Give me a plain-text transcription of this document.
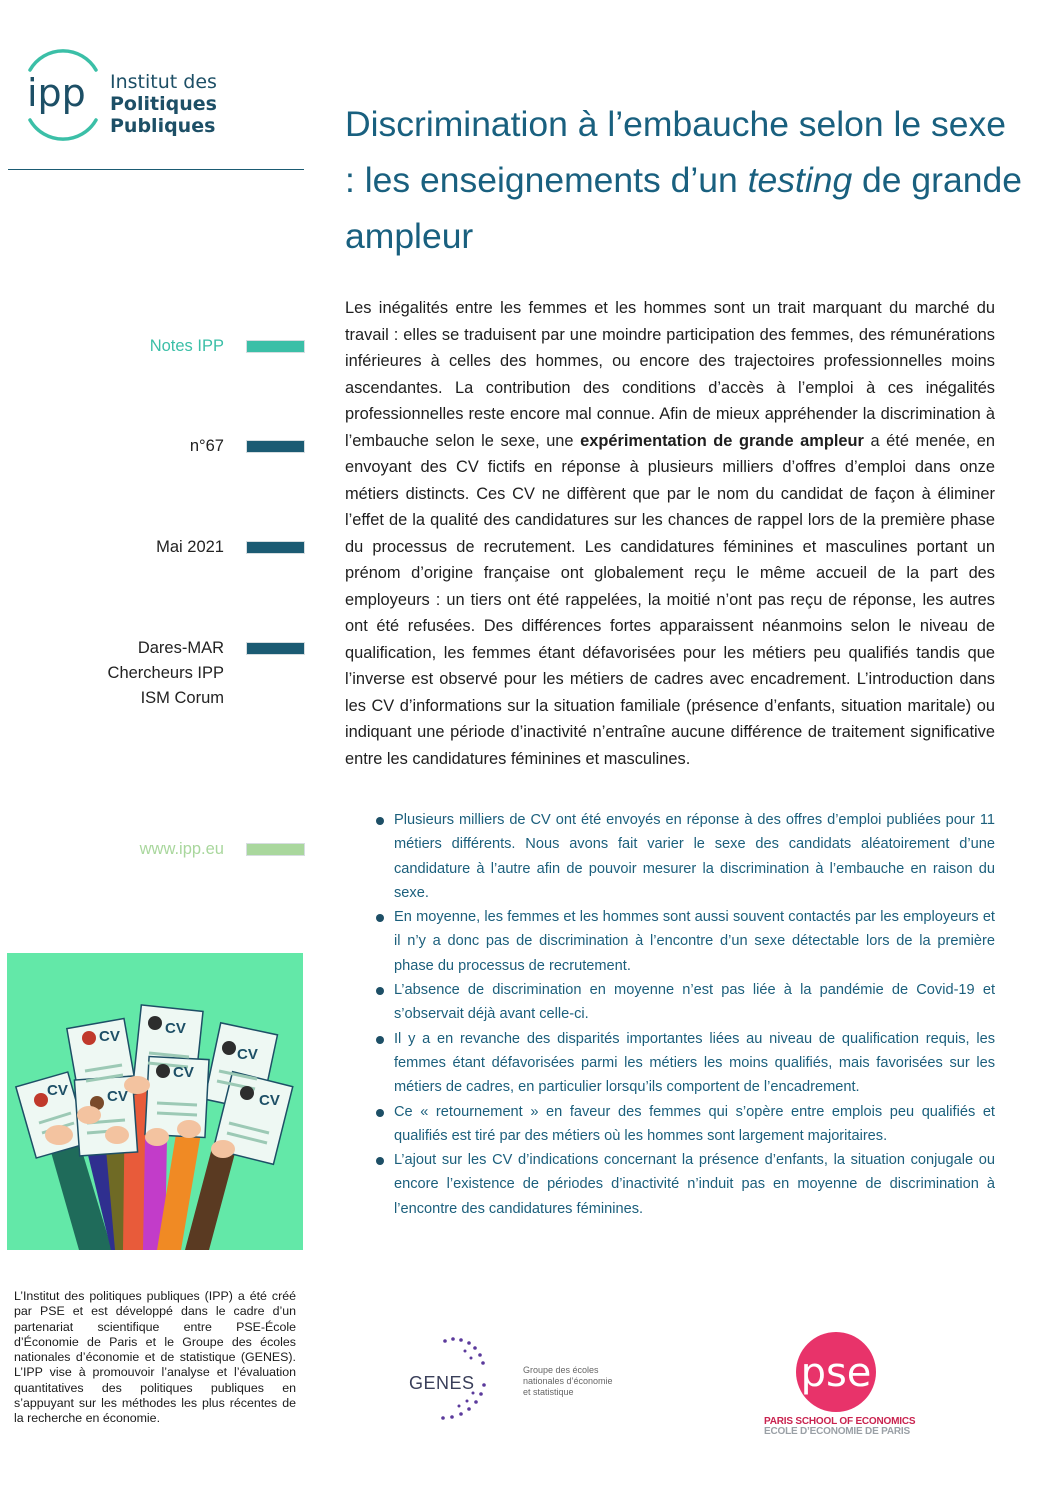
ipp Institut des
Politiques Publiques	Discrimination à l’embauche selon le sexe : les enseignements d’un testing de grande ampleur
Notes IPP
n°67
Mai 2021
Dares-MAR
Chercheurs IPP
ISM Corum
www.ipp.eu

Les inégalités entre les femmes et les hommes sont un trait marquant du marché du travail : elles se traduisent par une moindre participation des femmes, des rémunérations inférieures à celles des hommes, ou encore des trajectoires professionnelles moins ascendantes. La contribution des conditions d’accès à l’emploi à ces inégalités professionnelles reste encore mal connue. Afin de mieux appréhender la discrimination à l’embauche selon le sexe, une expérimentation de grande ampleur a été menée, en envoyant des CV fictifs en réponse à plusieurs milliers d’offres d’emploi dans onze métiers distincts. Ces CV ne diffèrent que par le nom du candidat de façon à éliminer l’effet de la qualité des candidatures sur les chances de rappel lors de la première phase du processus de recrutement. Les candidatures féminines et masculines portant un prénom d’origine française ont globalement reçu le même accueil de la part des employeurs : un tiers ont été rappelées, la moitié n’ont pas reçu de réponse, les autres ont été refusées. Des différences fortes apparaissent néanmoins selon le niveau de qualification, les femmes étant défavorisées pour les métiers peu qualifiés tandis que l’inverse est observé pour les métiers de cadres avec encadrement. L’introduction dans les CV d’informations sur la situation familiale (présence d’enfants, situation maritale) ou indiquant une période d’inactivité n’entraîne aucune différence de traitement significative entre les candidatures féminines et masculines.

Plusieurs milliers de CV ont été envoyés en réponse à des offres d’emploi publiées pour 11 métiers différents. Nous avons fait varier le sexe des candidats aléatoirement d’une candidature à l’autre afin de pouvoir mesurer la discrimination à l’embauche en raison du sexe.
En moyenne, les femmes et les hommes sont aussi souvent contactés par les employeurs et il n’y a donc pas de discrimination à l’encontre d’un sexe détectable lors de la première phase du processus de recrutement.
L’absence de discrimination en moyenne n’est pas liée à la pandémie de Covid-19 et s’observait déjà avant celle-ci.
Il y a en revanche des disparités importantes liées au niveau de qualification requis, les femmes étant défavorisées parmi les métiers les moins qualifiés, mais favorisées sur les métiers de cadres, en particulier lorsqu’ils comportent de l’encadrement.
Ce « retournement » en faveur des femmes qui s’opère entre emplois peu qualifiés et qualifiés est tiré par des métiers où les hommes sont largement majoritaires.
L’ajout sur les CV d’indications concernant la présence d’enfants, la situation conjugale ou encore l’existence de périodes d’inactivité n’induit pas en moyenne de discrimination à l’encontre des candidatures féminines.
CV	CV
CV
CV	CV
CV
CV

L’Institut des politiques publiques (IPP) a été créé par PSE et est développé dans le cadre d’un partenariat scientifique entre PSE-École d’Économie de Paris et le Groupe des écoles nationales d’économie et de statistique (GENES). L’IPP vise à promouvoir l’analyse et l’évaluation quantitatives des politiques publiques en s’appuyant sur les méthodes les plus récentes de la recherche en économie.

GENES
Groupe des écoles
nationales d’économie
et statistique	pse
PARIS SCHOOL OF ECONOMICS
ECOLE D’ECONOMIE DE PARIS
